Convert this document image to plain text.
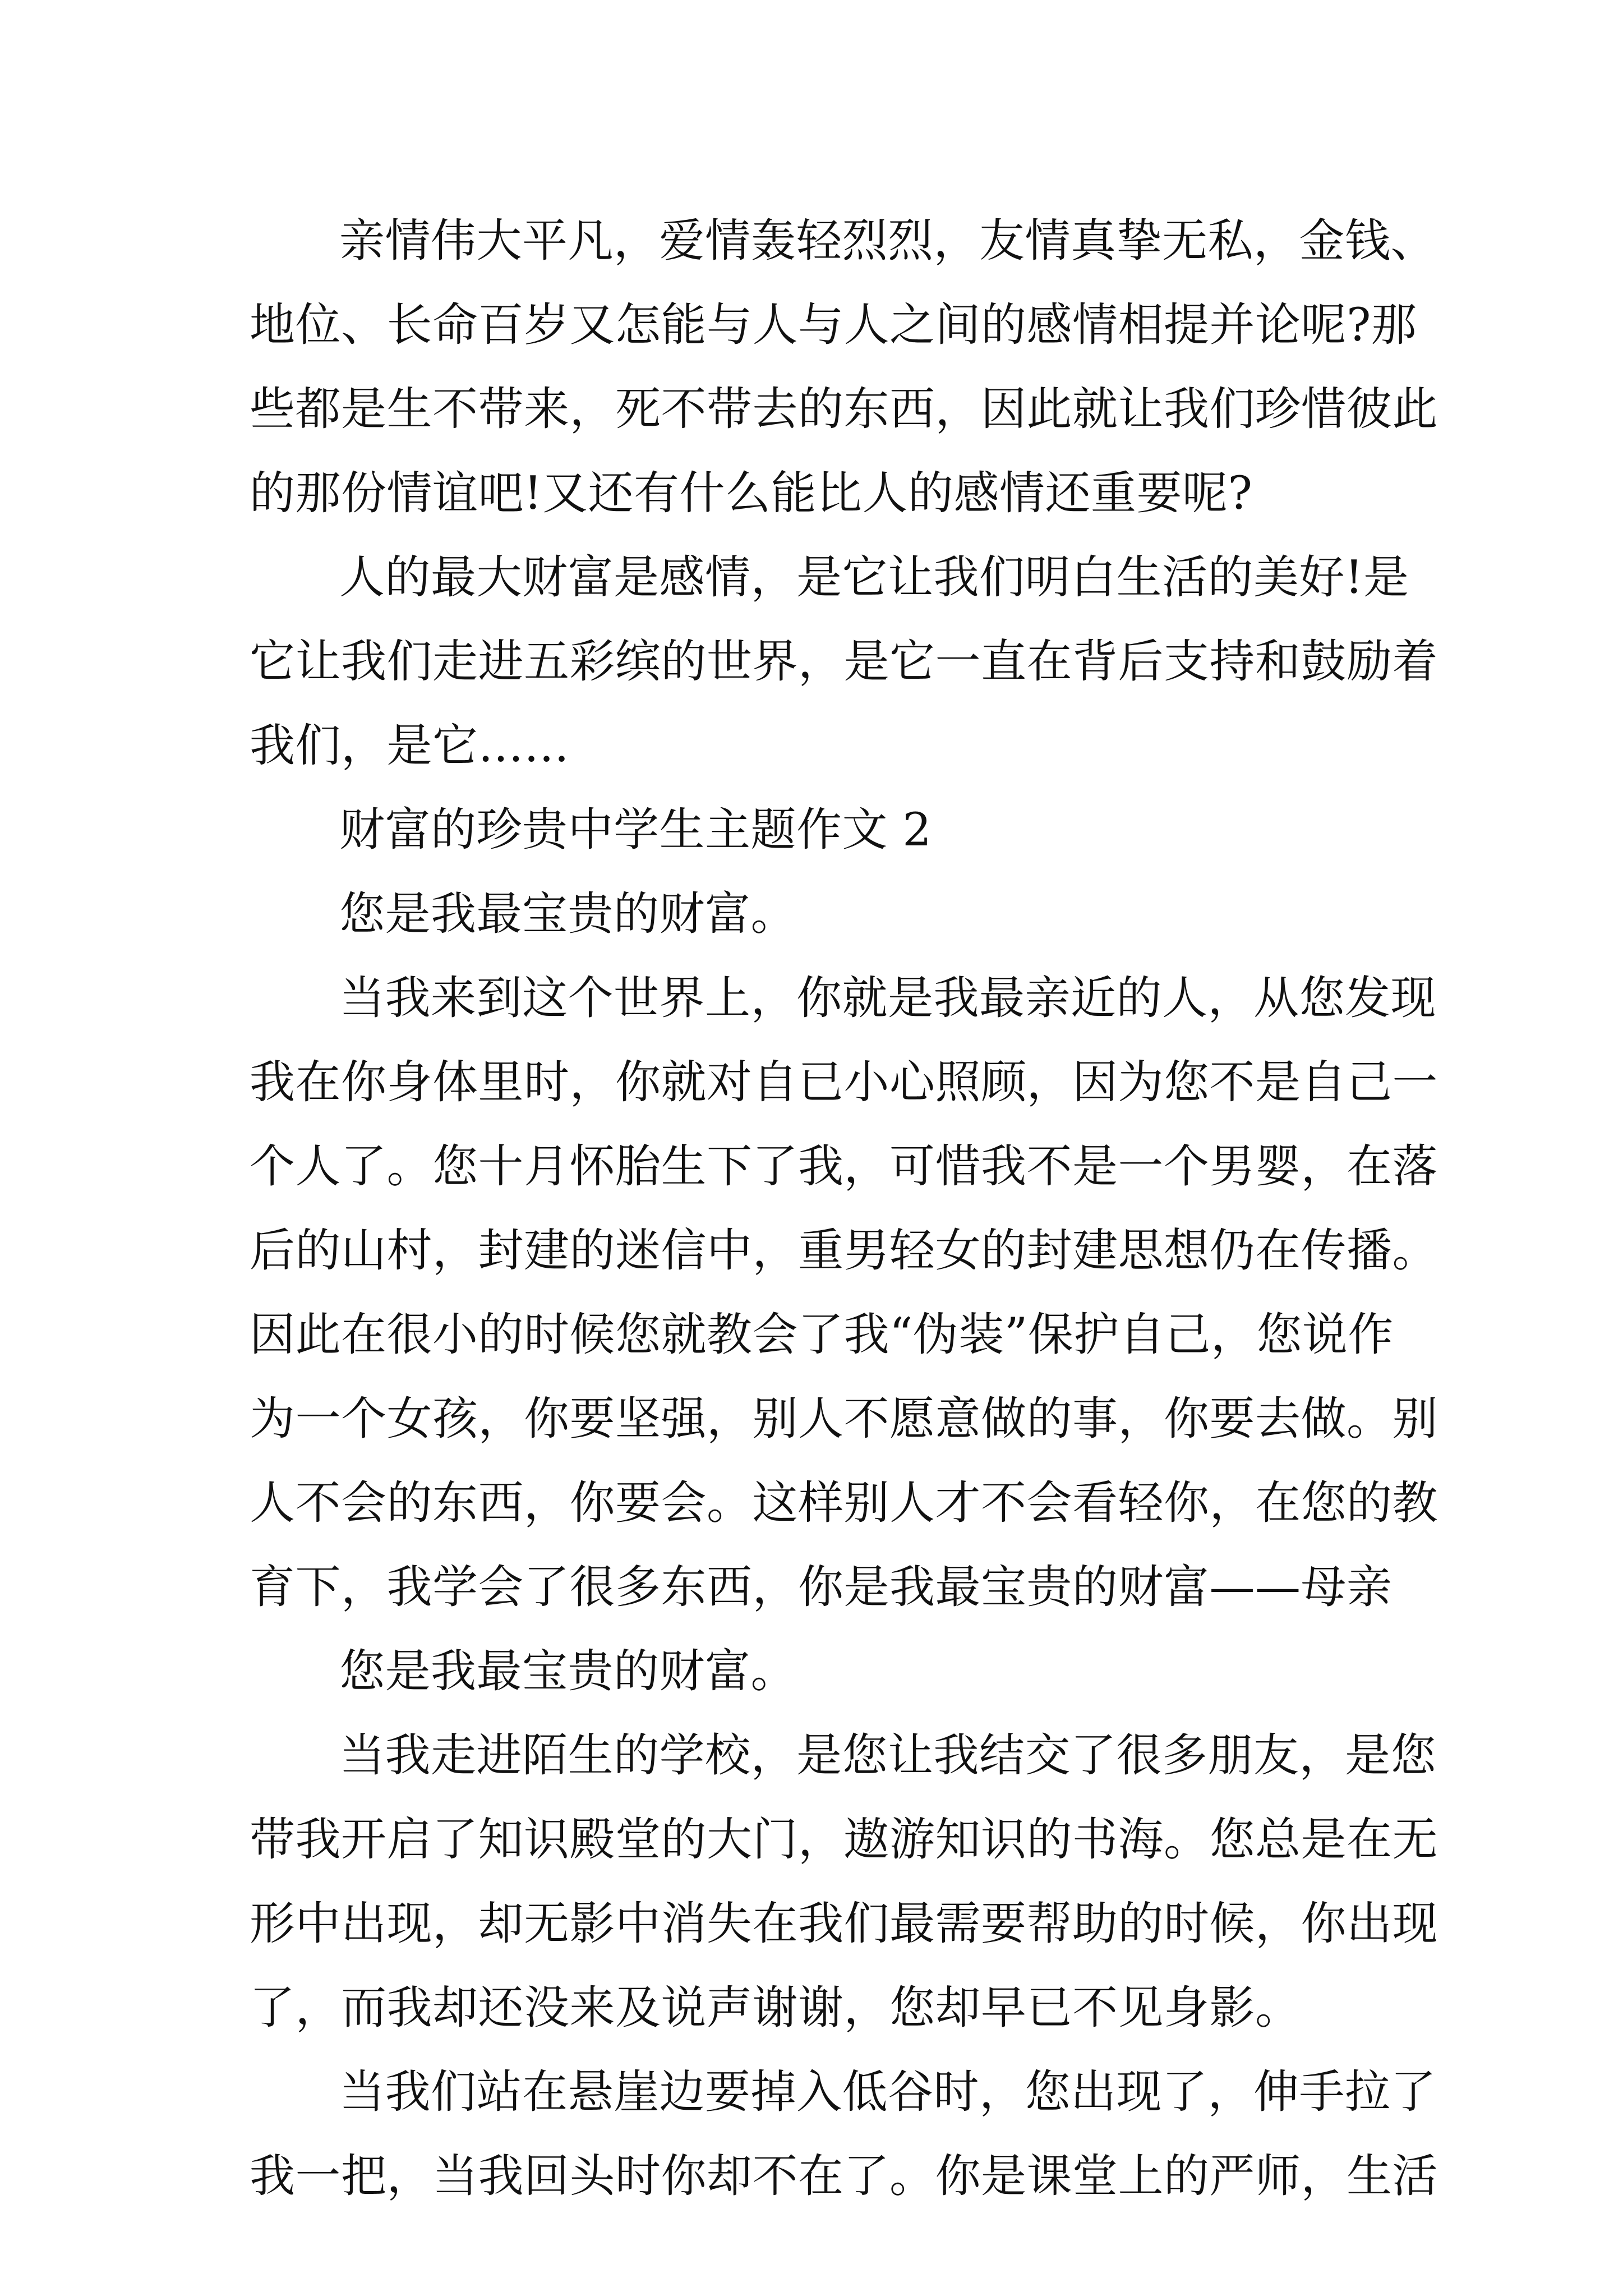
亲情伟大平凡，爱情轰轻烈烈，友情真挚无私，金钱、
地位、长命百岁又怎能与人与人之间的感情相提并论呢?那
些都是生不带来，死不带去的东西，因此就让我们珍惜彼此
的那份情谊吧!又还有什么能比人的感情还重要呢?
人的最大财富是感情，是它让我们明白生活的美好!是
它让我们走进五彩缤的世界，是它一直在背后支持和鼓励着
我们，是它……
财富的珍贵中学生主题作文 2
您是我最宝贵的财富。
当我来到这个世界上，你就是我最亲近的人，从您发现
我在你身体里时，你就对自已小心照顾，因为您不是自己一
个人了。您十月怀胎生下了我，可惜我不是一个男婴，在落
后的山村，封建的迷信中，重男轻女的封建思想仍在传播。
因此在很小的时候您就教会了我“伪装”保护自己，您说作
为一个女孩，你要坚强，别人不愿意做的事，你要去做。别
人不会的东西，你要会。这样别人才不会看轻你，在您的教
育下，我学会了很多东西，你是我最宝贵的财富——母亲
您是我最宝贵的财富。
当我走进陌生的学校，是您让我结交了很多朋友，是您
带我开启了知识殿堂的大门，遨游知识的书海。您总是在无
形中出现，却无影中消失在我们最需要帮助的时候，你出现
了，而我却还没来及说声谢谢，您却早已不见身影。
当我们站在悬崖边要掉入低谷时，您出现了，伸手拉了
我一把，当我回头时你却不在了。你是课堂上的严师，生活
